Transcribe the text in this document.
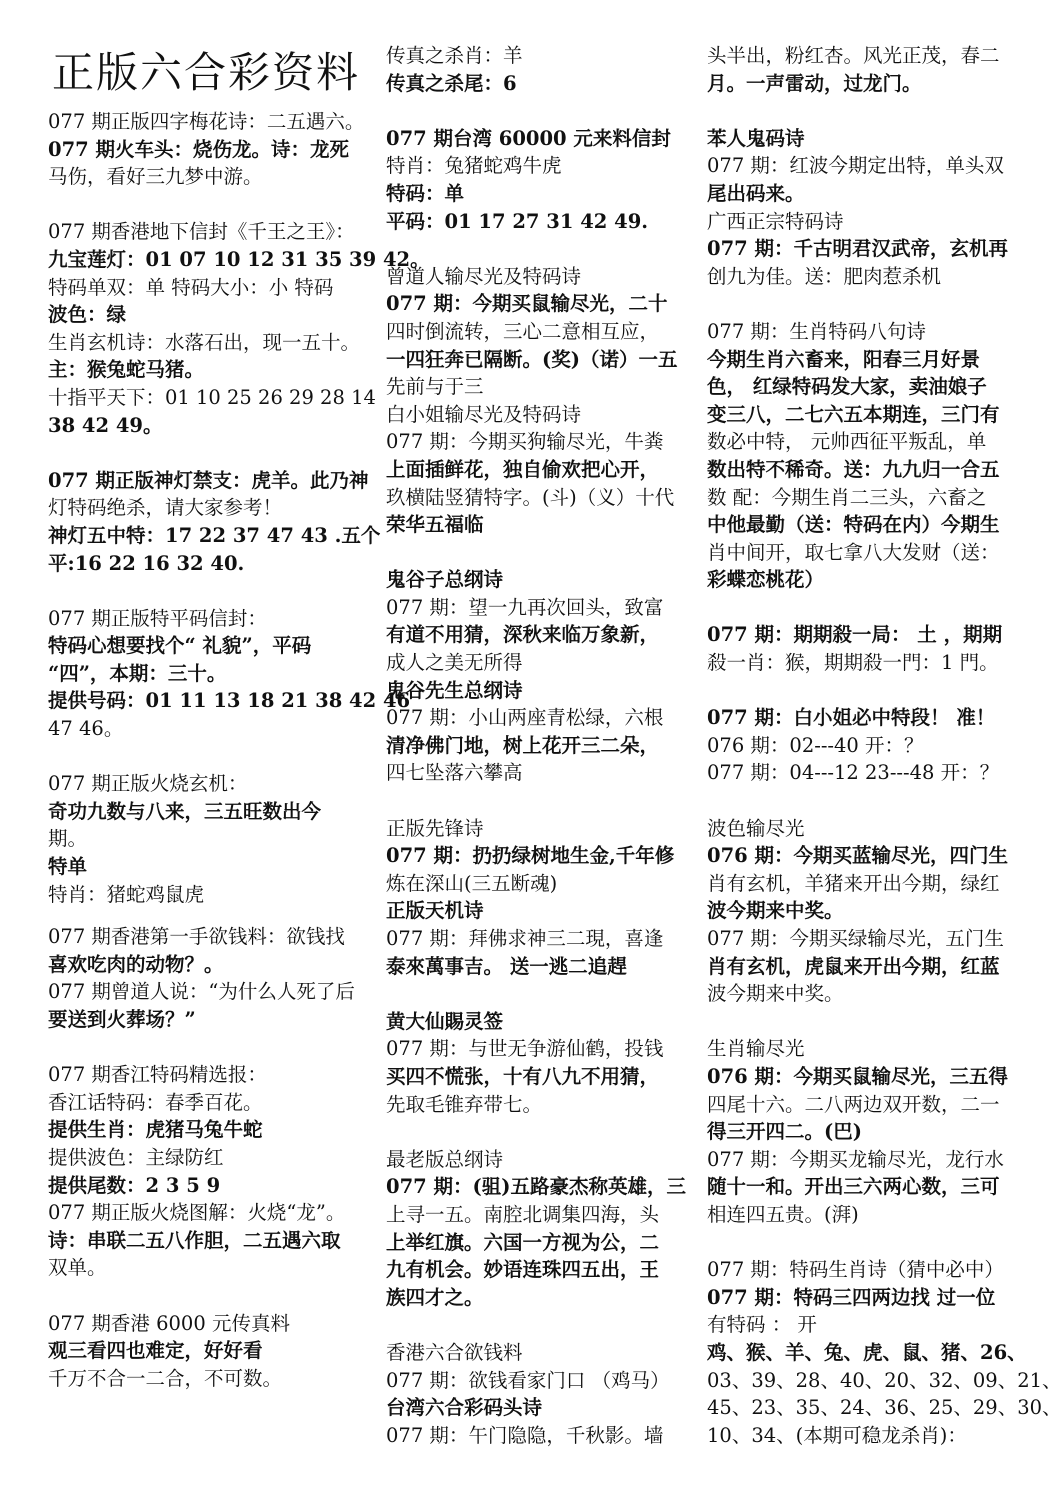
正版六合彩资料
077 期正版四字梅花诗：二五遇六。
077 期火车头：烧伤龙。诗：龙死
马伤，看好三九梦中游。
077 期香港地下信封《千王之王》：
九宝莲灯：01 07 10 12 31 35 39 42。
特码单双：单 特码大小：小 特码
波色：绿
生肖玄机诗：水落石出，现一五十。
主：猴兔蛇马猪。
十指平天下：01 10 25 26 29 28 14
38 42 49。
077 期正版神灯禁支：虎羊。此乃神
灯特码绝杀，请大家参考！
神灯五中特：17 22 37 47 43 .五个
平:16 22 16 32 40.
077 期正版特平码信封：
特码心想要找个“ 礼貌”，平码
“四”，本期：三十。
提供号码：01 11 13 18 21 38 42 46
47 46。
077 期正版火烧玄机：
奇功九数与八来，三五旺数出今
期。
特单
特肖：猪蛇鸡鼠虎
077 期香港第一手欲钱料：欲钱找
喜欢吃肉的动物？。
077 期曾道人说：“为什么人死了后
要送到火葬场？”
077 期香江特码精选报：
香江话特码：春季百花。
提供生肖：虎猪马兔牛蛇
提供波色：主绿防红
提供尾数：2 3 5 9
077 期正版火烧图解：火烧“龙”。
诗：串联二五八作胆，二五遇六取
双单。
077 期香港 6000 元传真料
观三看四也难定，好好看
千万不合一二合，不可数。
传真之杀肖：羊
传真之杀尾：6
077 期台湾 60000 元来料信封
特肖：兔猪蛇鸡牛虎
特码：单
平码：01 17 27 31 42 49.
曾道人输尽光及特码诗
077 期：今期买鼠输尽光，二十
四时倒流转，三心二意相互应，
一四狂奔已隔断。(奖)（诺）一五
先前与于三
白小姐输尽光及特码诗
077 期：今期买狗输尽光，牛粪
上面插鲜花，独自偷欢把心开，
玖横陆竖猜特字。(斗)（义）十代
荣华五福临
鬼谷子总纲诗
077 期：望一九再次回头，致富
有道不用猜，深秋来临万象新，
成人之美无所得
鬼谷先生总纲诗
077 期：小山两座青松绿，六根
清净佛门地，树上花开三二朵，
四七坠落六攀高
正版先锋诗
077 期：扔扔绿树地生金,千年修
炼在深山(三五断魂)
正版天机诗
077 期：拜佛求神三二現，喜逢
泰來萬事吉。 送一逃二追趕
黄大仙賜灵签
077 期：与世无争游仙鹤，投钱
买四不慌张，十有八九不用猜，
先取毛锥弃带七。
最老版总纲诗
077 期：(驵)五路豪杰称英雄，三
上寻一五。南腔北调集四海，头
上举红旗。六国一方视为公，二
九有机会。妙语连珠四五出，王
族四才之。
香港六合欲钱料
077 期：欲钱看家门口 （鸡马）
台湾六合彩码头诗
077 期：午门隐隐，千秋影。墙
头半出，粉红杏。风光正茂，春二
月。一声雷动，过龙门。
苯人鬼码诗
077 期：红波今期定出特，单头双
尾出码来。
广西正宗特码诗
077 期：千古明君汉武帝，玄机再
创九为佳。送：肥肉惹杀机
077 期：生肖特码八句诗
今期生肖六畜来，阳春三月好景
色， 红绿特码发大家，卖油娘子
变三八，二七六五本期连，三门有
数必中特， 元帅西征平叛乱，单
数出特不稀奇。送：九九归一合五
数 配：今期生肖二三头，六畜之
中他最勤（送：特码在内）今期生
肖中间开，取七拿八大发财（送：
彩蝶恋桃花）
077 期：期期殺一局： 土 ，期期
殺一肖：猴，期期殺一門：1 門。
077 期：白小姐必中特段！ 准！
076 期：02---40 开：？
077 期：04---12 23---48 开：？
波色输尽光
076 期：今期买蓝输尽光，四门生
肖有玄机，羊猪来开出今期，绿红
波今期来中奖。
077 期：今期买绿输尽光，五门生
肖有玄机，虎鼠来开出今期，红蓝
波今期来中奖。
生肖输尽光
076 期：今期买鼠输尽光，三五得
四尾十六。二八两边双开数，二一
得三开四二。(巴)
077 期：今期买龙输尽光，龙行水
随十一和。开出三六两心数，三可
相连四五贵。(湃)
077 期：特码生肖诗（猜中必中）
077 期：特码三四两边找 过一位
有特码 ： 开
鸡、猴、羊、兔、虎、鼠、猪、26、
03、39、28、40、20、32、09、21、
45、23、35、24、36、25、29、30、
10、34、(本期可稳龙杀肖)：
